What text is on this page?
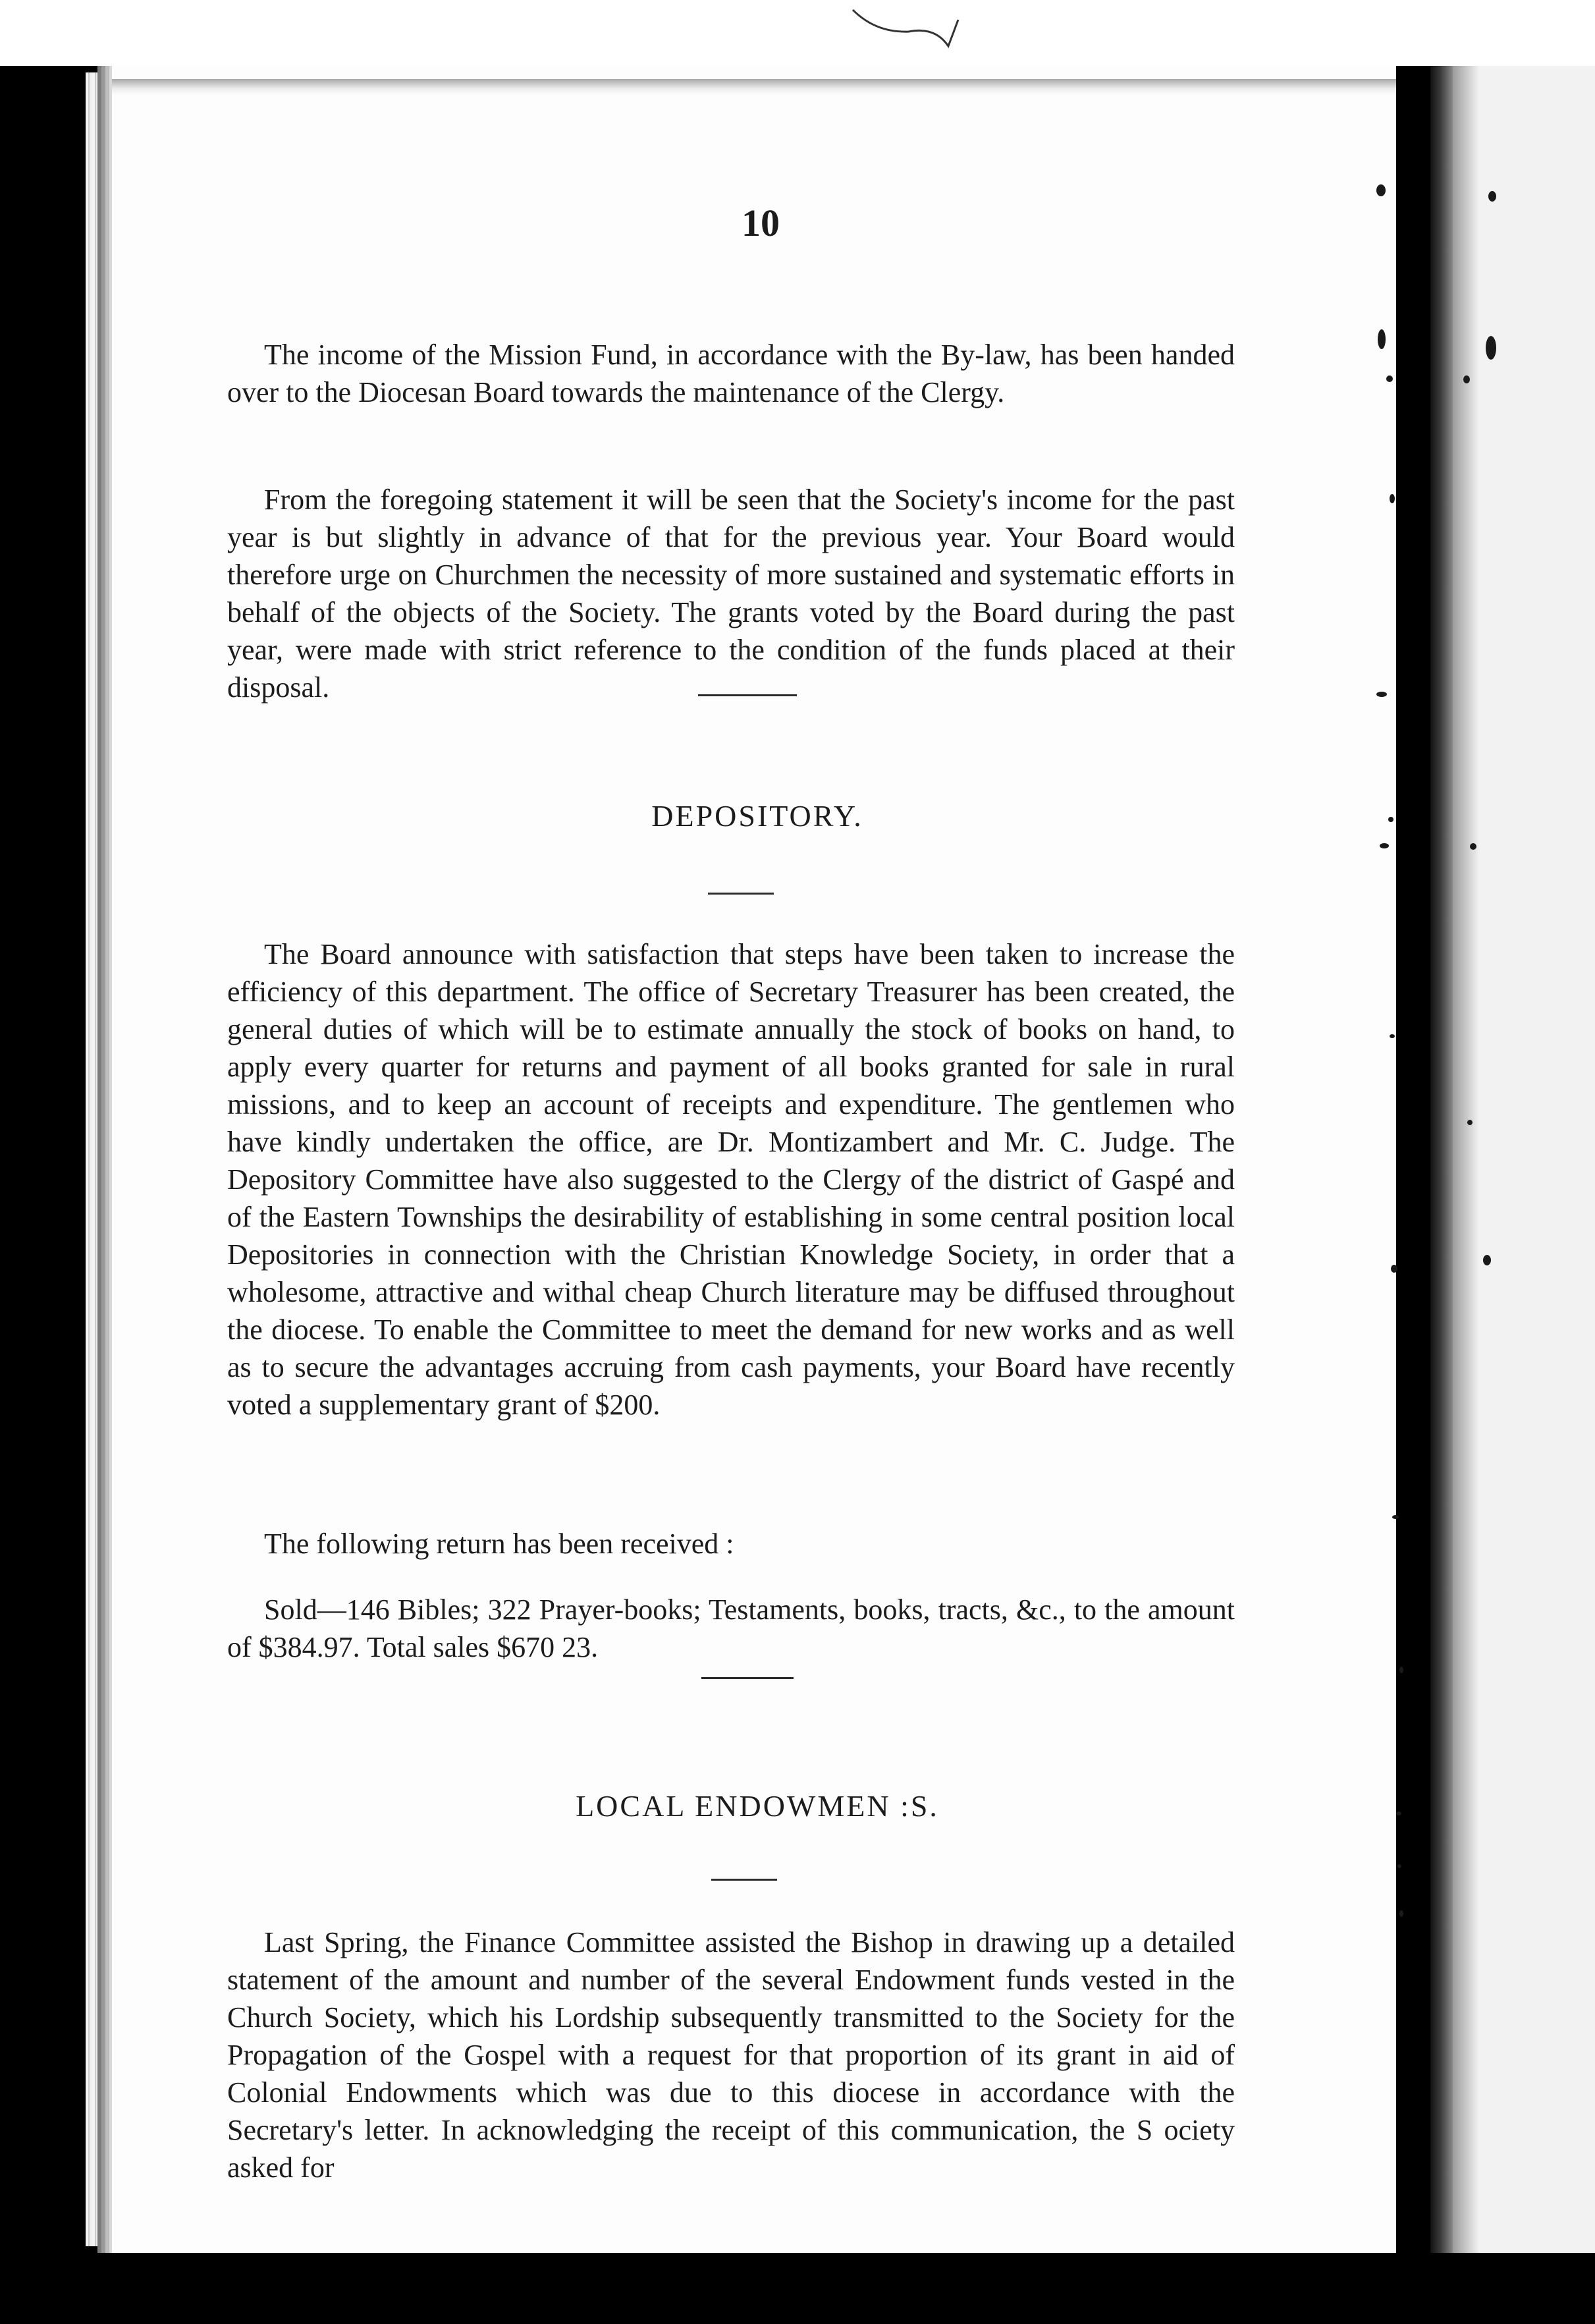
10

The income of the Mission Fund, in accordance with the By-law, has been handed over to the Diocesan Board towards the maintenance of the Clergy.

From the foregoing statement it will be seen that the Society's income for the past year is but slightly in advance of that for the previous year. Your Board would therefore urge on Churchmen the necessity of more sustained and systematic efforts in behalf of the objects of the Society. The grants voted by the Board during the past year, were made with strict reference to the condition of the funds placed at their disposal.

DEPOSITORY.

The Board announce with satisfaction that steps have been taken to increase the efficiency of this department. The office of Secretary Treasurer has been created, the general duties of which will be to estimate annually the stock of books on hand, to apply every quarter for returns and payment of all books granted for sale in rural missions, and to keep an account of receipts and expenditure. The gentlemen who have kindly undertaken the office, are Dr. Montizambert and Mr. C. Judge. The Depository Committee have also suggested to the Clergy of the district of Gaspé and of the Eastern Townships the desirability of establishing in some central position local Depositories in connection with the Christian Knowledge Society, in order that a wholesome, attractive and withal cheap Church literature may be diffused throughout the diocese. To enable the Committee to meet the demand for new works and as well as to secure the advantages accruing from cash payments, your Board have recently voted a supplementary grant of $200.

The following return has been received :

Sold—146 Bibles; 322 Prayer-books; Testaments, books, tracts, &c., to the amount of $384.97. Total sales $670 23.

LOCAL ENDOWMEN :S.

Last Spring, the Finance Committee assisted the Bishop in drawing up a detailed statement of the amount and number of the several Endowment funds vested in the Church Society, which his Lordship subsequently transmitted to the Society for the Propagation of the Gospel with a request for that proportion of its grant in aid of Colonial Endowments which was due to this diocese in accordance with the Secretary's letter. In acknowledging the receipt of this communication, the S ociety asked for
